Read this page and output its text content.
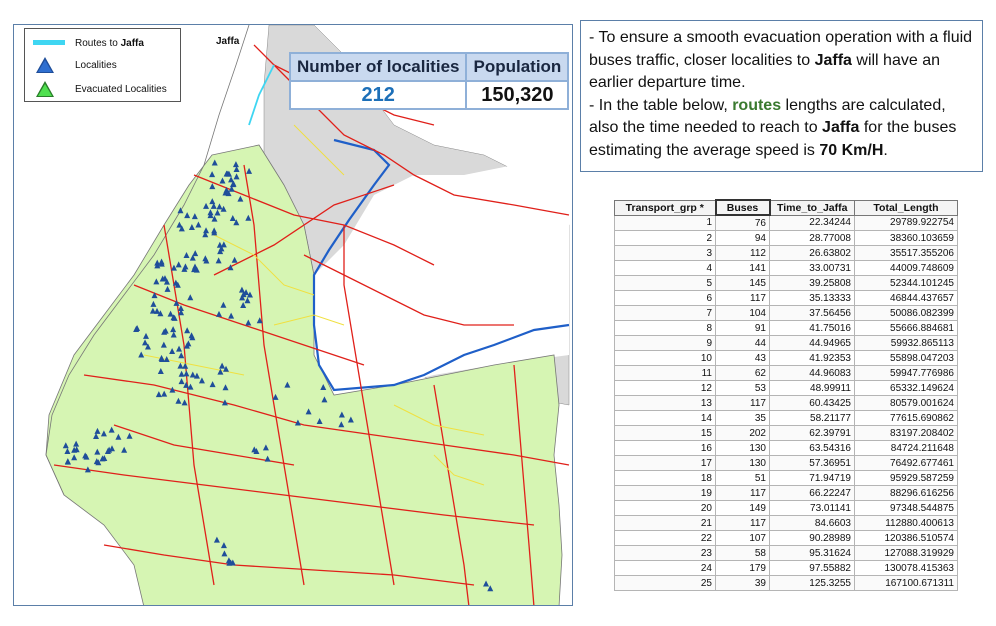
Jaffa
Routes to Jaffa
Localities
Evacuated Localities
Number of localities	Population
212	150,320
- To ensure a smooth evacuation operation with a fluid buses traffic, closer localities to Jaffa will have an earlier departure time.
- In the table below, routes lengths are calculated, also the time needed to reach to Jaffa for the buses estimating the average speed is 70 Km/H.
Transport_grp *	Buses	Time_to_Jaffa	Total_Length
1	76	22.34244	29789.922754
2	94	28.77008	38360.103659
3	112	26.63802	35517.355206
4	141	33.00731	44009.748609
5	145	39.25808	52344.101245
6	117	35.13333	46844.437657
7	104	37.56456	50086.082399
8	91	41.75016	55666.884681
9	44	44.94965	59932.865113
10	43	41.92353	55898.047203
11	62	44.96083	59947.776986
12	53	48.99911	65332.149624
13	117	60.43425	80579.001624
14	35	58.21177	77615.690862
15	202	62.39791	83197.208402
16	130	63.54316	84724.211648
17	130	57.36951	76492.677461
18	51	71.94719	95929.587259
19	117	66.22247	88296.616256
20	149	73.01141	97348.544875
21	117	84.6603	112880.400613
22	107	90.28989	120386.510574
23	58	95.31624	127088.319929
24	179	97.55882	130078.415363
25	39	125.3255	167100.671311
